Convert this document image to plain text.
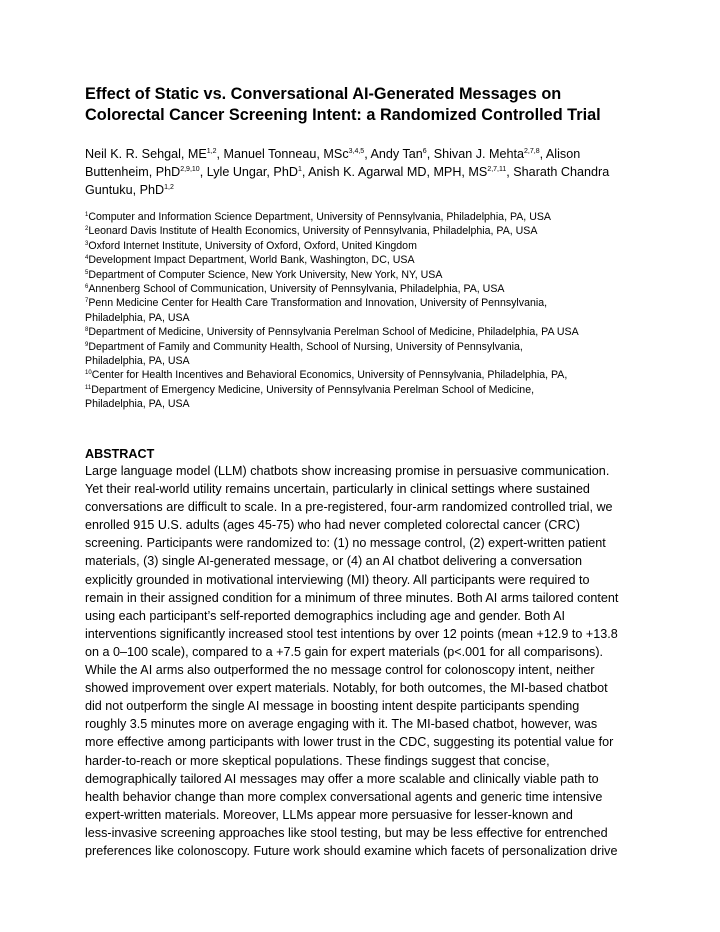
Effect of Static vs. Conversational AI-Generated Messages on
Colorectal Cancer Screening Intent: a Randomized Controlled Trial
Neil K. R. Sehgal, ME$^{1,2}$, Manuel Tonneau, MSc$^{3,4,5}$, Andy Tan$^6$, Shivan J. Mehta$^{2,7,8}$, Alison
Buttenheim, PhD$^{2,9,10}$, Lyle Ungar, PhD$^1$, Anish K. Agarwal MD, MPH, MS$^{2,7,11}$, Sharath Chandra
Guntuku, PhD$^{1,2}$
$^1$Computer and Information Science Department, University of Pennsylvania, Philadelphia, PA, USA
$^2$Leonard Davis Institute of Health Economics, University of Pennsylvania, Philadelphia, PA, USA
$^3$Oxford Internet Institute, University of Oxford, Oxford, United Kingdom
$^4$Development Impact Department, World Bank, Washington, DC, USA
$^5$Department of Computer Science, New York University, New York, NY, USA
$^6$Annenberg School of Communication, University of Pennsylvania, Philadelphia, PA, USA
$^7$Penn Medicine Center for Health Care Transformation and Innovation, University of Pennsylvania,
Philadelphia, PA, USA
$^8$Department of Medicine, University of Pennsylvania Perelman School of Medicine, Philadelphia, PA USA
$^9$Department of Family and Community Health, School of Nursing, University of Pennsylvania,
Philadelphia, PA, USA
$^{10}$Center for Health Incentives and Behavioral Economics, University of Pennsylvania, Philadelphia, PA,
$^{11}$Department of Emergency Medicine, University of Pennsylvania Perelman School of Medicine,
Philadelphia, PA, USA
ABSTRACT
Large language model (LLM) chatbots show increasing promise in persuasive communication.
Yet their real-world utility remains uncertain, particularly in clinical settings where sustained
conversations are difficult to scale. In a pre-registered, four-arm randomized controlled trial, we
enrolled 915 U.S. adults (ages 45-75) who had never completed colorectal cancer (CRC)
screening. Participants were randomized to: (1) no message control, (2) expert-written patient
materials, (3) single AI-generated message, or (4) an AI chatbot delivering a conversation
explicitly grounded in motivational interviewing (MI) theory. All participants were required to
remain in their assigned condition for a minimum of three minutes. Both AI arms tailored content
using each participant’s self-reported demographics including age and gender. Both AI
interventions significantly increased stool test intentions by over 12 points (mean +12.9 to +13.8
on a 0–100 scale), compared to a +7.5 gain for expert materials (p<.001 for all comparisons).
While the AI arms also outperformed the no message control for colonoscopy intent, neither
showed improvement over expert materials. Notably, for both outcomes, the MI-based chatbot
did not outperform the single AI message in boosting intent despite participants spending
roughly 3.5 minutes more on average engaging with it. The MI-based chatbot, however, was
more effective among participants with lower trust in the CDC, suggesting its potential value for
harder-to-reach or more skeptical populations. These findings suggest that concise,
demographically tailored AI messages may offer a more scalable and clinically viable path to
health behavior change than more complex conversational agents and generic time intensive
expert-written materials. Moreover, LLMs appear more persuasive for lesser-known and
less-invasive screening approaches like stool testing, but may be less effective for entrenched
preferences like colonoscopy. Future work should examine which facets of personalization drive
